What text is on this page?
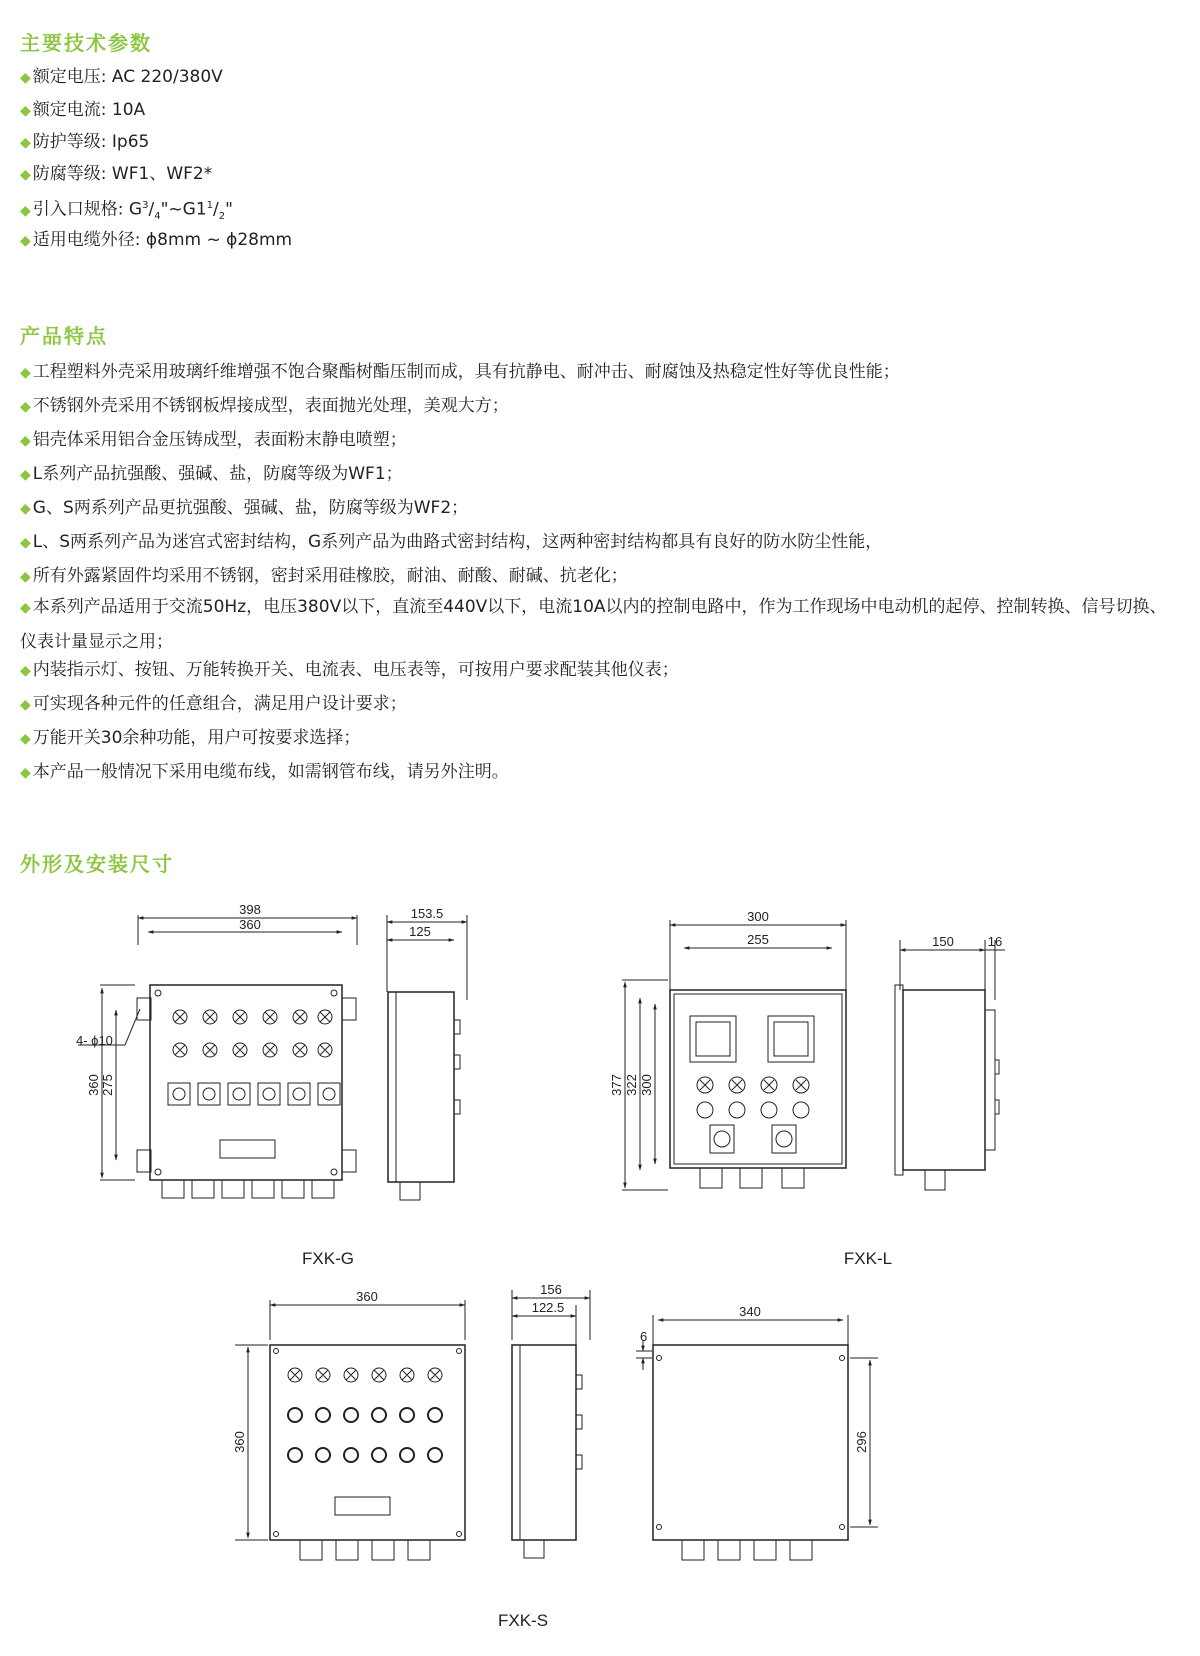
主要技术参数
◆ 额定电压: AC 220/380V
◆ 额定电流: 10A
◆ 防护等级: Ip65
◆ 防腐等级: WF1、WF2*
◆ 引入口规格: $G^3/_4"\sim G1^1/_2$"
◆ 适用电缆外径: ϕ8mm ~ ϕ28mm
产品特点
◆ 工程塑料外壳采用玻璃纤维增强不饱合聚酯树酯压制而成，具有抗静电、耐冲击、耐腐蚀及热稳定性好等优良性能；
◆ 不锈钢外壳采用不锈钢板焊接成型，表面抛光处理，美观大方；
◆ 铝壳体采用铝合金压铸成型，表面粉末静电喷塑；
◆ L系列产品抗强酸、强碱、盐，防腐等级为WF1；
◆ G、S两系列产品更抗强酸、强碱、盐，防腐等级为WF2；
◆ L、S两系列产品为迷宫式密封结构，G系列产品为曲路式密封结构，这两种密封结构都具有良好的防水防尘性能，
◆ 所有外露紧固件均采用不锈钢，密封采用硅橡胶，耐油、耐酸、耐碱、抗老化；
◆ 本系列产品适用于交流50Hz，电压380V以下，直流至440V以下，电流10A以内的控制电路中，作为工作现场中电动机的起停、控制转换、信号切换、仪表计量显示之用；
◆ 内装指示灯、按钮、万能转换开关、电流表、电压表等，可按用户要求配装其他仪表；
◆ 可实现各种元件的任意组合，满足用户设计要求；
◆ 万能开关30余种功能，用户可按要求选择；
◆ 本产品一般情况下采用电缆布线，如需钢管布线，请另外注明。
外形及安装尺寸
398
360
4- ϕ10
360 275
153.5
125
300
255
377 322 300
150	16
360
360
156
122.5	340
296
6
FXK-G	FXK-L
FXK-S
